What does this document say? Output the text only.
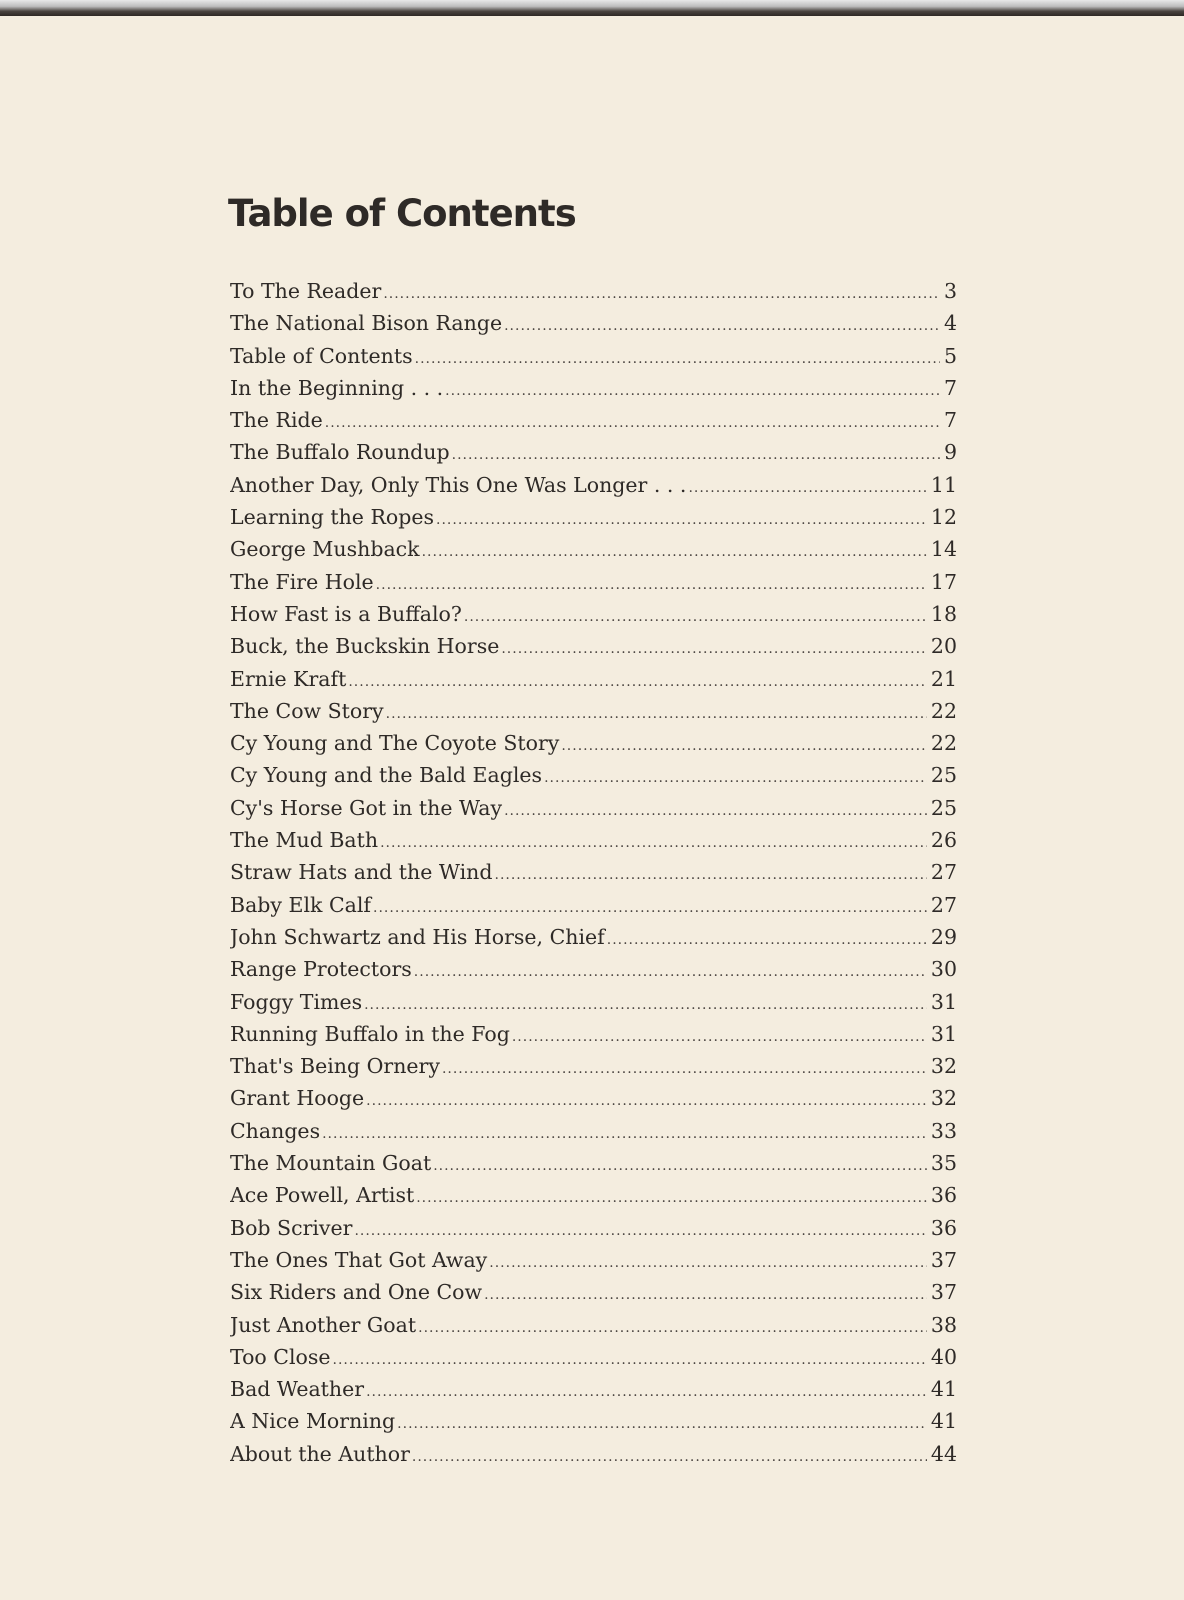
Table of Contents
To The Reader .....	3
The National Bison Range .....	4
Table of Contents .....	5
In the Beginning . . . .....	7
The Ride .....	7
The Buffalo Roundup .....	9
Another Day, Only This One Was Longer . . . .....	11
Learning the Ropes .....	12
George Mushback .....	14
The Fire Hole .....	17
How Fast is a Buffalo? .....	18
Buck, the Buckskin Horse .....	20
Ernie Kraft .....	21
The Cow Story .....	22
Cy Young and The Coyote Story .....	22
Cy Young and the Bald Eagles .....	25
Cy's Horse Got in the Way .....	25
The Mud Bath .....	26
Straw Hats and the Wind .....	27
Baby Elk Calf .....	27
John Schwartz and His Horse, Chief .....	29
Range Protectors .....	30
Foggy Times .....	31
Running Buffalo in the Fog .....	31
That's Being Ornery .....	32
Grant Hooge .....	32
Changes .....	33
The Mountain Goat .....	35
Ace Powell, Artist .....	36
Bob Scriver .....	36
The Ones That Got Away .....	37
Six Riders and One Cow .....	37
Just Another Goat .....	38
Too Close .....	40
Bad Weather .....	41
A Nice Morning .....	41
About the Author .....	44
